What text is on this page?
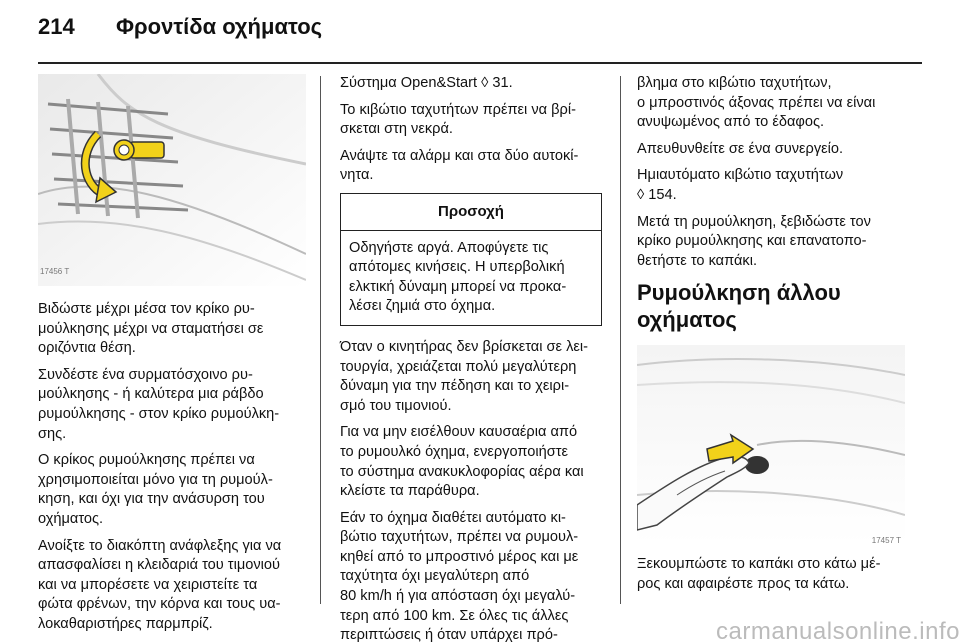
214 Φροντίδα οχήματος
17456 T
Βιδώστε μέχρι μέσα τον κρίκο ρυ-
μούλκησης μέχρι να σταματήσει σε
οριζόντια θέση.
Συνδέστε ένα συρματόσχοινο ρυ-
μούλκησης - ή καλύτερα μια ράβδο
ρυμούλκησης - στον κρίκο ρυμούλκη-
σης.
Ο κρίκος ρυμούλκησης πρέπει να
χρησιμοποιείται μόνο για τη ρυμούλ-
κηση, και όχι για την ανάσυρση του
οχήματος.
Ανοίξτε το διακόπτη ανάφλεξης για να
απασφαλίσει η κλειδαριά του τιμονιού
και να μπορέσετε να χειριστείτε τα
φώτα φρένων, την κόρνα και τους υα-
λοκαθαριστήρες παρμπρίζ.
Σύστημα Open&Start ◊ 31.
Το κιβώτιο ταχυτήτων πρέπει να βρί-
σκεται στη νεκρά.
Ανάψτε τα αλάρμ και στα δύο αυτοκί-
νητα.
Προσοχή
Οδηγήστε αργά. Αποφύγετε τις
απότομες κινήσεις. Η υπερβολική
ελκτική δύναμη μπορεί να προκα-
λέσει ζημιά στο όχημα.
Όταν ο κινητήρας δεν βρίσκεται σε λει-
τουργία, χρειάζεται πολύ μεγαλύτερη
δύναμη για την πέδηση και το χειρι-
σμό του τιμονιού.
Για να μην εισέλθουν καυσαέρια από
το ρυμουλκό όχημα, ενεργοποιήστε
το σύστημα ανακυκλοφορίας αέρα και
κλείστε τα παράθυρα.
Εάν το όχημα διαθέτει αυτόματο κι-
βώτιο ταχυτήτων, πρέπει να ρυμουλ-
κηθεί από το μπροστινό μέρος και με
ταχύτητα όχι μεγαλύτερη από
80 km/h ή για απόσταση όχι μεγαλύ-
τερη από 100 km. Σε όλες τις άλλες
περιπτώσεις ή όταν υπάρχει πρό-
βλημα στο κιβώτιο ταχυτήτων,
ο μπροστινός άξονας πρέπει να είναι
ανυψωμένος από το έδαφος.
Απευθυνθείτε σε ένα συνεργείο.
Ημιαυτόματο κιβώτιο ταχυτήτων
◊ 154.
Μετά τη ρυμούλκηση, ξεβιδώστε τον
κρίκο ρυμούλκησης και επανατοπο-
θετήστε το καπάκι.
Ρυμούλκηση άλλου
οχήματος
17457 T
Ξεκουμπώστε το καπάκι στο κάτω μέ-
ρος και αφαιρέστε προς τα κάτω.
carmanualsonline.info
